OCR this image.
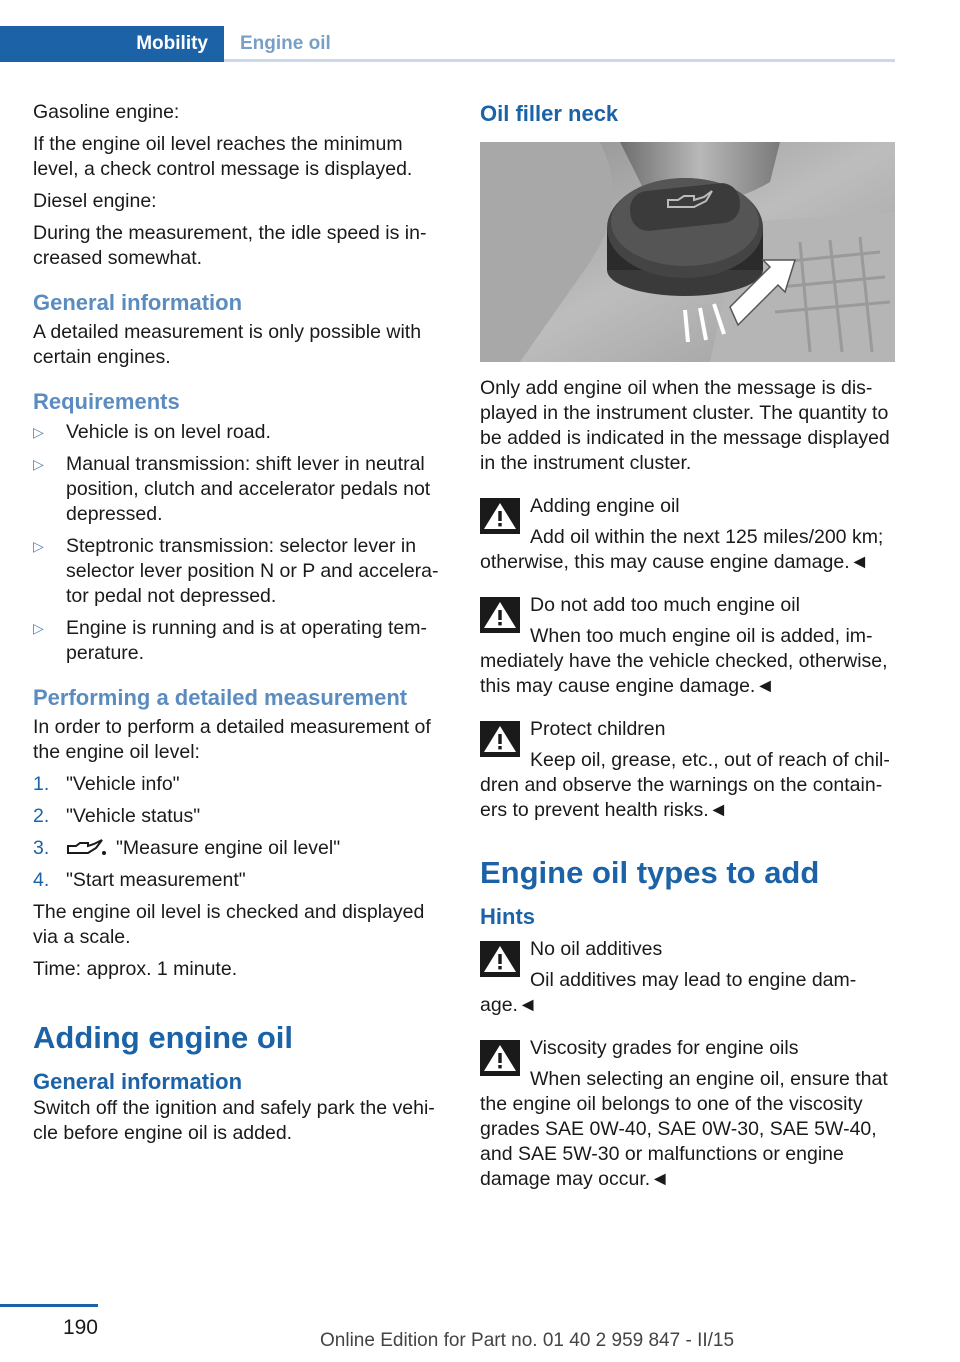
Mobility	Engine oil

Gasoline engine:

If the engine oil level reaches the minimum level, a check control message is displayed.

Diesel engine:

During the measurement, the idle speed is increased somewhat.

General information

A detailed measurement is only possible with certain engines.

Requirements
▷ Vehicle is on level road.
▷ Manual transmission: shift lever in neutral position, clutch and accelerator pedals not depressed.
▷ Steptronic transmission: selector lever in selector lever position N or P and accelerator pedal not depressed.
▷ Engine is running and is at operating temperature.
Performing a detailed measurement

In order to perform a detailed measurement of the engine oil level:

1. "Vehicle info"
2. "Vehicle status"
3.	"Measure engine oil level"
4. "Start measurement"

The engine oil level is checked and displayed via a scale.

Time: approx. 1 minute.

Adding engine oil
General information

Switch off the ignition and safely park the vehicle before engine oil is added.

Oil filler neck

Only add engine oil when the message is displayed in the instrument cluster. The quantity to be added is indicated in the message displayed in the instrument cluster.

Adding engine oil

Add oil within the next 125 miles/200 km; otherwise, this may cause engine damage.◄

Do not add too much engine oil

When too much engine oil is added, immediately have the vehicle checked, otherwise, this may cause engine damage.◄

Protect children

Keep oil, grease, etc., out of reach of children and observe the warnings on the containers to prevent health risks.◄

Engine oil types to add
Hints

No oil additives

Oil additives may lead to engine damage.◄

Viscosity grades for engine oils

When selecting an engine oil, ensure that the engine oil belongs to one of the viscosity grades SAE 0W-40, SAE 0W-30, SAE 5W-40, and SAE 5W-30 or malfunctions or engine damage may occur.◄

190
Online Edition for Part no. 01 40 2 959 847 - II/15
